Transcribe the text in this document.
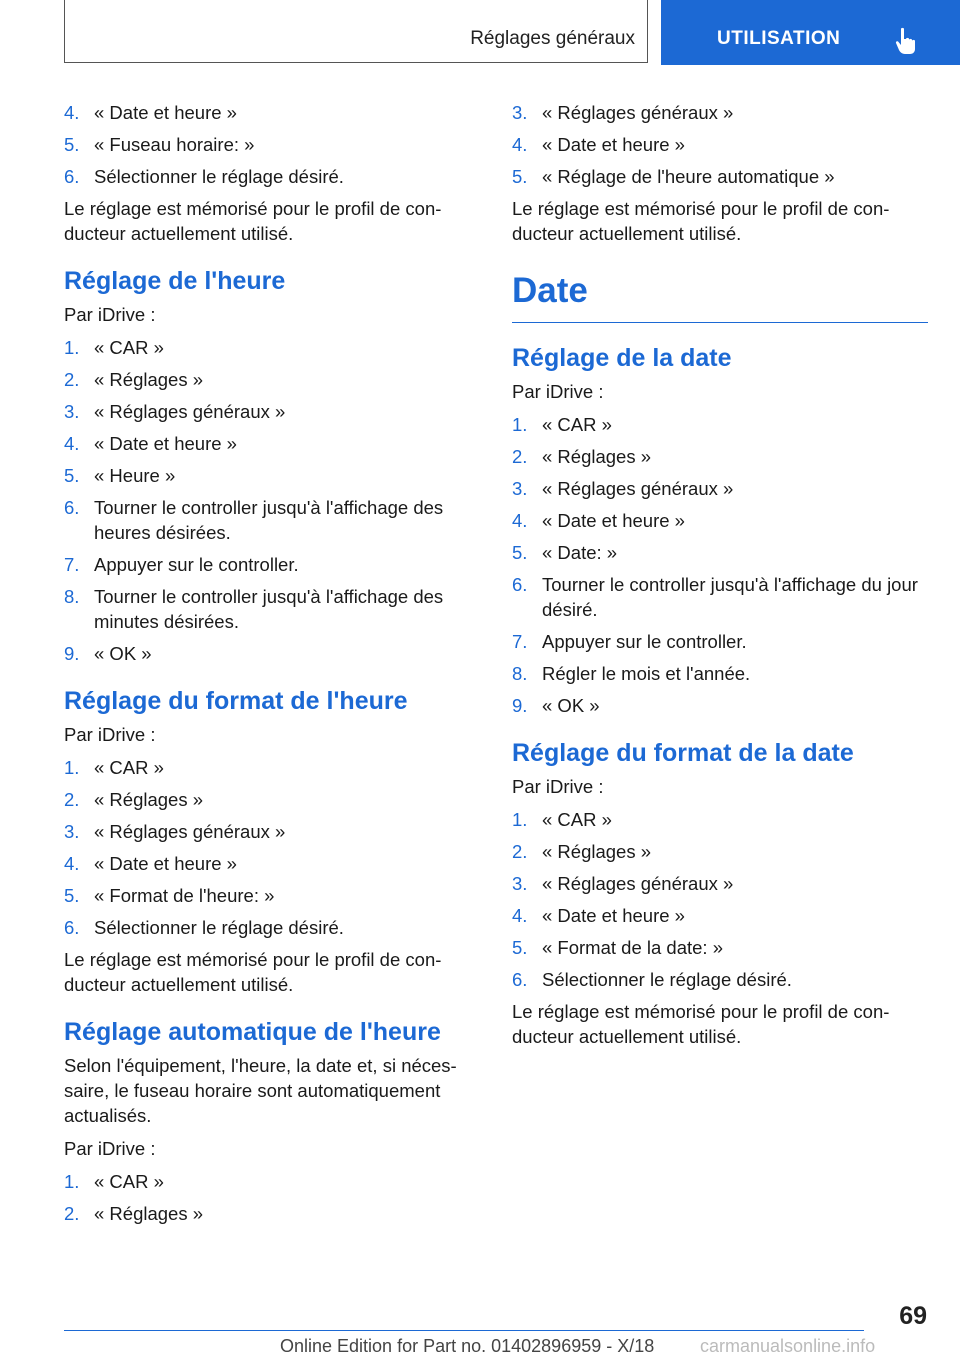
Réglages généraux	UTILISATION
4. « Date et heure »
5. « Fuseau horaire: »
6. Sélectionner le réglage désiré.

Le réglage est mémorisé pour le profil de con-ducteur actuellement utilisé.

Réglage de l'heure

Par iDrive :

1. « CAR »
2. « Réglages »
3. « Réglages généraux »
4. « Date et heure »
5. « Heure »
6. Tourner le controller jusqu'à l'affichage des heures désirées.
7. Appuyer sur le controller.
8. Tourner le controller jusqu'à l'affichage des minutes désirées.
9. « OK »
Réglage du format de l'heure

Par iDrive :

1. « CAR »
2. « Réglages »
3. « Réglages généraux »
4. « Date et heure »
5. « Format de l'heure: »
6. Sélectionner le réglage désiré.

Le réglage est mémorisé pour le profil de con-ducteur actuellement utilisé.

Réglage automatique de l'heure

Selon l'équipement, l'heure, la date et, si néces-saire, le fuseau horaire sont automatiquement actualisés.

Par iDrive :

1. « CAR »
2. « Réglages »
3. « Réglages généraux »
4. « Date et heure »
5. « Réglage de l'heure automatique »

Le réglage est mémorisé pour le profil de con-ducteur actuellement utilisé.

Date
Réglage de la date

Par iDrive :

1. « CAR »
2. « Réglages »
3. « Réglages généraux »
4. « Date et heure »
5. « Date: »
6. Tourner le controller jusqu'à l'affichage du jour désiré.
7. Appuyer sur le controller.
8. Régler le mois et l'année.
9. « OK »
Réglage du format de la date

Par iDrive :

1. « CAR »
2. « Réglages »
3. « Réglages généraux »
4. « Date et heure »
5. « Format de la date: »
6. Sélectionner le réglage désiré.

Le réglage est mémorisé pour le profil de con-ducteur actuellement utilisé.

69
Online Edition for Part no. 01402896959 - X/18	carmanualsonline.info
